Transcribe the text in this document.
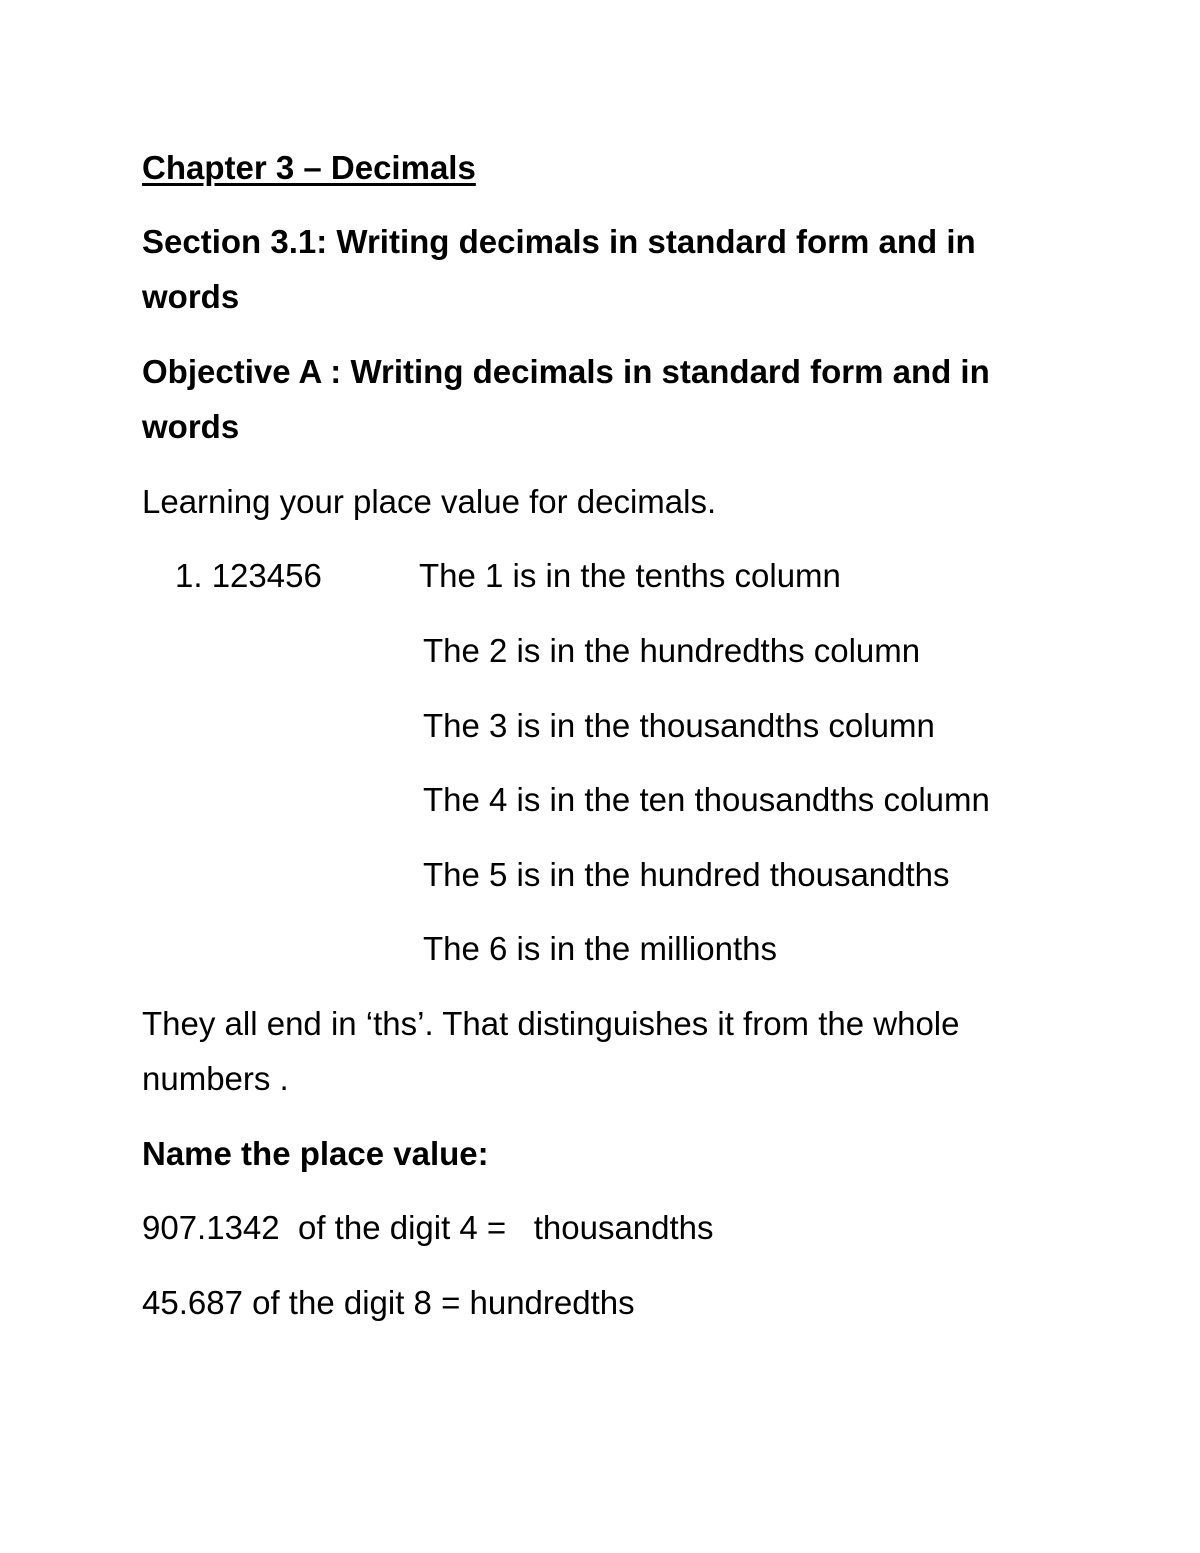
Chapter 3 – Decimals

Section 3.1: Writing decimals in standard form and in

words

Objective A : Writing decimals in standard form and in

words

Learning your place value for decimals.

1. 123456	The 1 is in the tenths column
The 2 is in the hundredths column
The 3 is in the thousandths column
The 4 is in the ten thousandths column
The 5 is in the hundred thousandths
The 6 is in the millionths

They all end in ‘ths’. That distinguishes it from the whole

numbers .

Name the place value:

907.1342  of the digit 4 =   thousandths

45.687 of the digit 8 = hundredths
